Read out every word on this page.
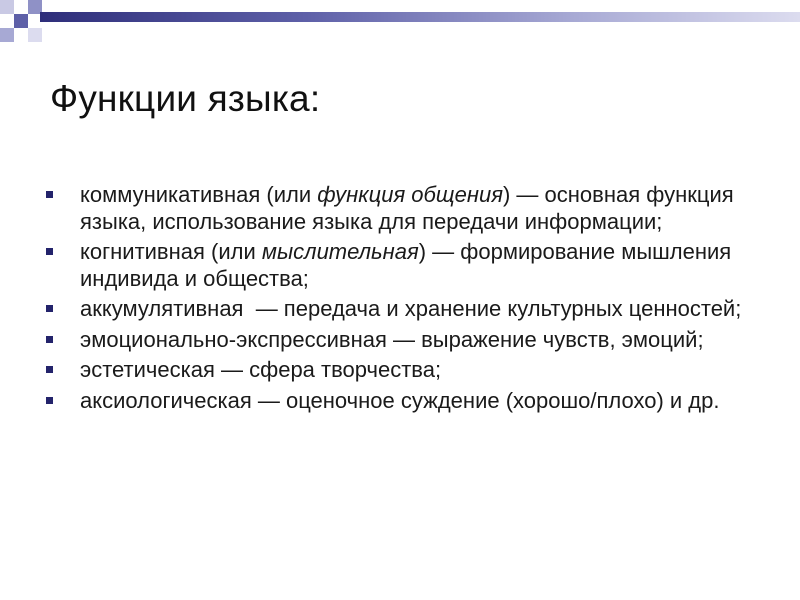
Функции языка:
коммуникативная (или функция общения) — основная функция языка, использование языка для передачи информации;
когнитивная (или мыслительная) — формирование мышления индивида и общества;
аккумулятивная  — передача и хранение культурных ценностей;
эмоционально-экспрессивная — выражение чувств, эмоций;
эстетическая — сфера творчества;
аксиологическая — оценочное суждение (хорошо/плохо) и др.
